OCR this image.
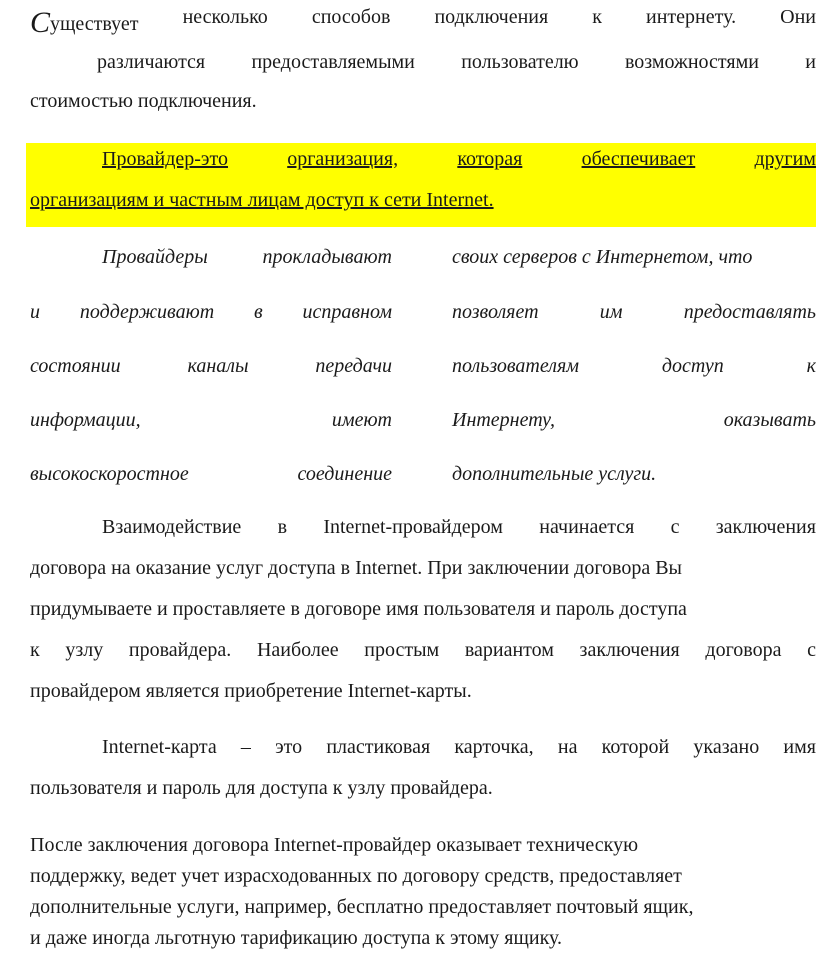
Существует несколько способов подключения к интернету. Они
различаются предоставляемыми пользователю возможностями и
стоимостью подключения.
Провайдер-это	организация,	которая	обеспечивает	другим
организациям и частным лицам доступ к сети Internet.
Провайдеры	прокладывают
и поддерживают в исправном
состоянии	каналы	передачи
информации,	имеют
высокоскоростное	соединение
своих серверов с Интернетом, что
позволяет	им	предоставлять
пользователям	доступ	к
Интернету,	оказывать
дополнительные услуги.
Взаимодействие в Internet-провайдером начинается с заключения
договора на оказание услуг доступа в Internet. При заключении договора Вы
придумываете и проставляете в договоре имя пользователя и пароль доступа
к узлу провайдера. Наиболее простым вариантом заключения договора с
провайдером является приобретение Internet-карты.
Internet-карта – это пластиковая карточка, на которой указано имя
пользователя и пароль для доступа к узлу провайдера.
После заключения договора Internet-провайдер оказывает техническую
поддержку, ведет учет израсходованных по договору средств, предоставляет
дополнительные услуги, например, бесплатно предоставляет почтовый ящик,
и даже иногда льготную тарификацию доступа к этому ящику.
